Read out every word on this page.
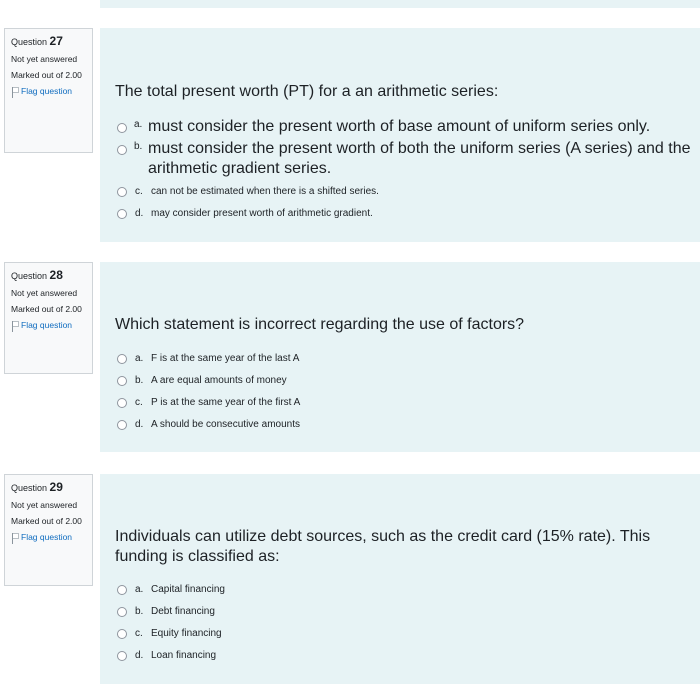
Question 27
Not yet answered
Marked out of 2.00
Flag question	The total present worth (PT) for a an arithmetic series:
a. must consider the present worth of base amount of uniform series only.
b. must consider the present worth of both the uniform series (A series) and the arithmetic gradient series.
c. can not be estimated when there is a shifted series.
d. may consider present worth of arithmetic gradient.
Question 28
Not yet answered
Marked out of 2.00
Flag question	Which statement is incorrect regarding the use of factors?
a. F is at the same year of the last A
b. A are equal amounts of money
c. P is at the same year of the first A
d. A should be consecutive amounts
Question 29
Not yet answered
Marked out of 2.00
Flag question	Individuals can utilize debt sources, such as the credit card (15% rate). This funding is classified as:
a. Capital financing
b. Debt financing
c. Equity financing
d. Loan financing
